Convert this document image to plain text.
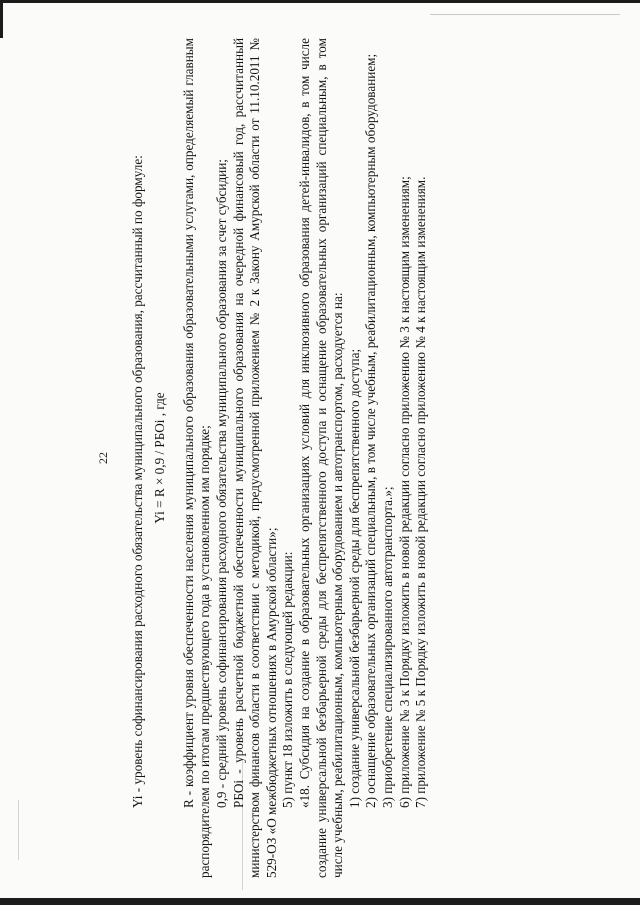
22 Yi - уровень софинансирования расходного обязательства муниципального образования, рассчитанный по формуле: Yi = R × 0,9 / РБОi , где R - коэффициент уровня обеспеченности населения муниципального образования образовательными услугами, определяемый главным распорядителем по итогам предшествующего года в установленном им порядке; 0,9 - средний уровень софинансирования расходного обязательства муниципального образования за счет субсидии; РБОi - уровень расчетной бюджетной обеспеченности муниципального образования на очередной финансовый год, рассчитанный министерством финансов области в соответствии с методикой, предусмотренной приложением № 2 к Закону Амурской области от 11.10.2011 № 529-ОЗ «О межбюджетных отношениях в Амурской области»; 5) пункт 18 изложить в следующей редакции: «18. Субсидия на создание в образовательных организациях условий для инклюзивного образования детей-инвалидов, в том числе создание универсальной безбарьерной среды для беспрепятственного доступа и оснащение образовательных организаций специальным, в том числе учебным, реабилитационным, компьютерным оборудованием и автотранспортом, расходуется на: 1) создание универсальной безбарьерной среды для беспрепятственного доступа; 2) оснащение образовательных организаций специальным, в том числе учебным, реабилитационным, компьютерным оборудованием; 3) приобретение специализированного автотранспорта.»; 6) приложение № 3 к Порядку изложить в новой редакции согласно приложению № 3 к настоящим изменениям; 7) приложение № 5 к Порядку изложить в новой редакции согласно приложению № 4 к настоящим изменениям.
